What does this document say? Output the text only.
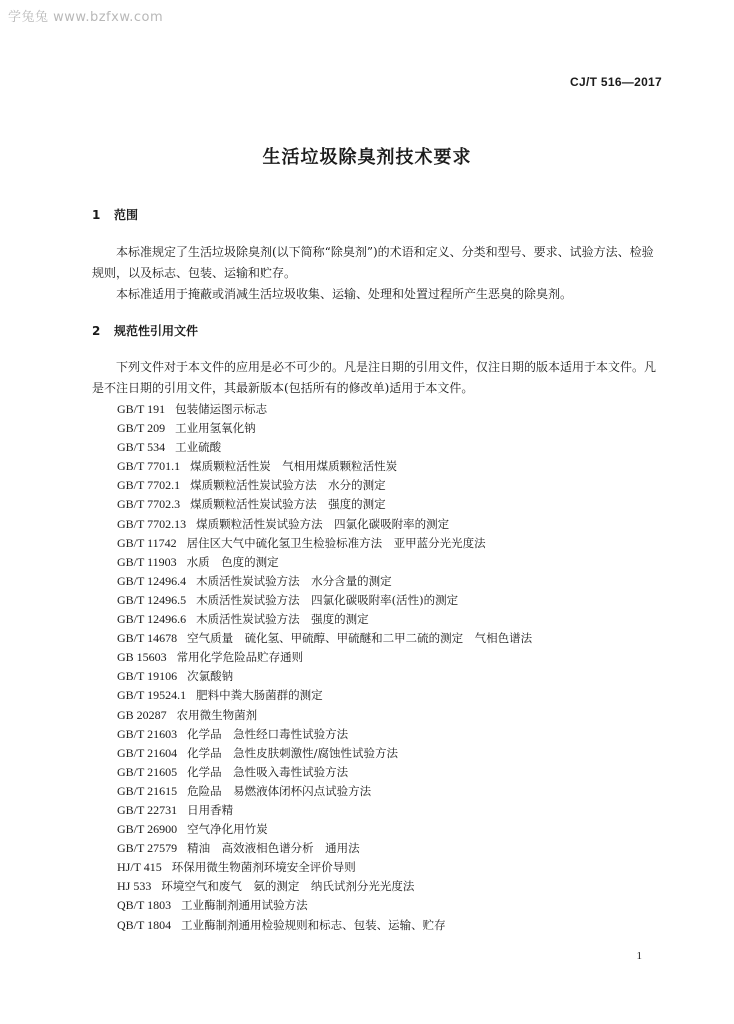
学兔兔 www.bzfxw.com
CJ/T 516—2017
生活垃圾除臭剂技术要求
1 范围
本标准规定了生活垃圾除臭剂(以下简称“除臭剂”)的术语和定义、分类和型号、要求、试验方法、检验规则，以及标志、包装、运输和贮存。
本标准适用于掩蔽或消减生活垃圾收集、运输、处理和处置过程所产生恶臭的除臭剂。
2 规范性引用文件
下列文件对于本文件的应用是必不可少的。凡是注日期的引用文件，仅注日期的版本适用于本文件。凡是不注日期的引用文件，其最新版本(包括所有的修改单)适用于本文件。
GB/T 191 包装储运图示标志
GB/T 209 工业用氢氧化钠
GB/T 534 工业硫酸
GB/T 7701.1 煤质颗粒活性炭　气相用煤质颗粒活性炭
GB/T 7702.1 煤质颗粒活性炭试验方法　水分的测定
GB/T 7702.3 煤质颗粒活性炭试验方法　强度的测定
GB/T 7702.13 煤质颗粒活性炭试验方法　四氯化碳吸附率的测定
GB/T 11742 居住区大气中硫化氢卫生检验标准方法　亚甲蓝分光光度法
GB/T 11903 水质　色度的测定
GB/T 12496.4 木质活性炭试验方法　水分含量的测定
GB/T 12496.5 木质活性炭试验方法　四氯化碳吸附率(活性)的测定
GB/T 12496.6 木质活性炭试验方法　强度的测定
GB/T 14678 空气质量　硫化氢、甲硫醇、甲硫醚和二甲二硫的测定　气相色谱法
GB 15603 常用化学危险品贮存通则
GB/T 19106 次氯酸钠
GB/T 19524.1 肥料中粪大肠菌群的测定
GB 20287 农用微生物菌剂
GB/T 21603 化学品　急性经口毒性试验方法
GB/T 21604 化学品　急性皮肤刺激性/腐蚀性试验方法
GB/T 21605 化学品　急性吸入毒性试验方法
GB/T 21615 危险品　易燃液体闭杯闪点试验方法
GB/T 22731 日用香精
GB/T 26900 空气净化用竹炭
GB/T 27579 精油　高效液相色谱分析　通用法
HJ/T 415 环保用微生物菌剂环境安全评价导则
HJ 533 环境空气和废气　氨的测定　纳氏试剂分光光度法
QB/T 1803 工业酶制剂通用试验方法
QB/T 1804 工业酶制剂通用检验规则和标志、包装、运输、贮存
1
